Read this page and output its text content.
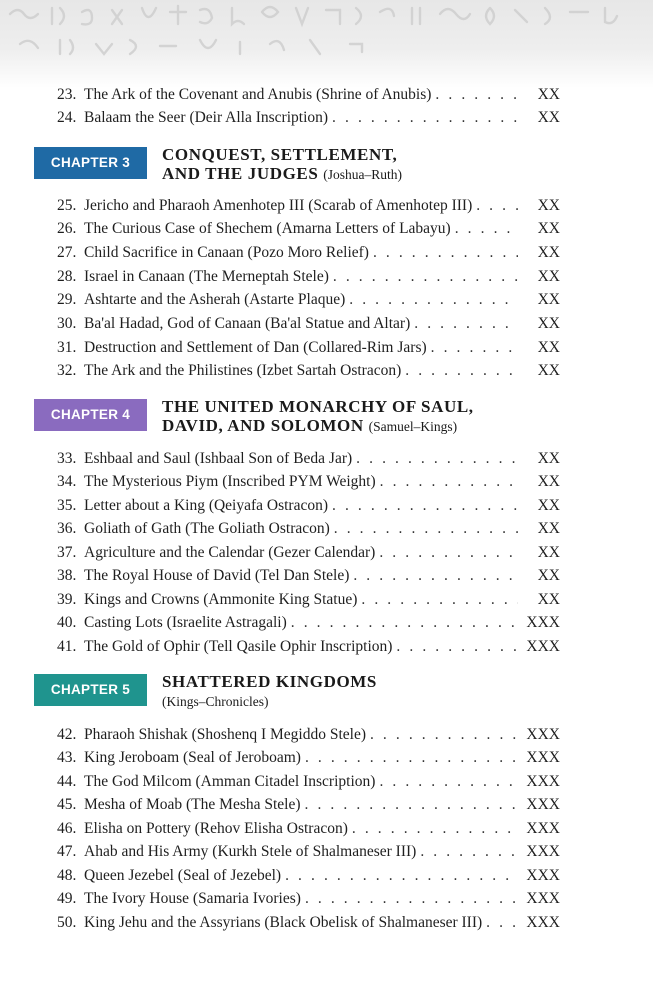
23. The Ark of the Covenant and Anubis (Shrine of Anubis) . . .	XX
24. Balaam the Seer (Deir Alla Inscription) . . .	XX
CHAPTER 3	CONQUEST, SETTLEMENT,
AND THE JUDGES (Joshua–Ruth)
25. Jericho and Pharaoh Amenhotep III (Scarab of Amenhotep III) . . .	XX
26. The Curious Case of Shechem (Amarna Letters of Labayu) . . .	XX
27. Child Sacrifice in Canaan (Pozo Moro Relief) . . .	XX
28. Israel in Canaan (The Merneptah Stele) . . .	XX
29. Ashtarte and the Asherah (Astarte Plaque) . . .	XX
30. Ba'al Hadad, God of Canaan (Ba'al Statue and Altar) . . .	XX
31. Destruction and Settlement of Dan (Collared-Rim Jars) . . .	XX
32. The Ark and the Philistines (Izbet Sartah Ostracon) . . .	XX
CHAPTER 4	THE UNITED MONARCHY OF SAUL,
DAVID, AND SOLOMON (Samuel–Kings)
33. Eshbaal and Saul (Ishbaal Son of Beda Jar) . . .	XX
34. The Mysterious Piym (Inscribed PYM Weight) . . .	XX
35. Letter about a King (Qeiyafa Ostracon) . . .	XX
36. Goliath of Gath (The Goliath Ostracon) . . .	XX
37. Agriculture and the Calendar (Gezer Calendar) . . .	XX
38. The Royal House of David (Tel Dan Stele) . . .	XX
39. Kings and Crowns (Ammonite King Statue) . . .	XX
40. Casting Lots (Israelite Astragali) . . .	XXX
41. The Gold of Ophir (Tell Qasile Ophir Inscription) . . .	XXX
CHAPTER 5	SHATTERED KINGDOMS
(Kings–Chronicles)
42. Pharaoh Shishak (Shoshenq I Megiddo Stele) . . .	XXX
43. King Jeroboam (Seal of Jeroboam) . . .	XXX
44. The God Milcom (Amman Citadel Inscription) . . .	XXX
45. Mesha of Moab (The Mesha Stele) . . .	XXX
46. Elisha on Pottery (Rehov Elisha Ostracon) . . .	XXX
47. Ahab and His Army (Kurkh Stele of Shalmaneser III) . . .	XXX
48. Queen Jezebel (Seal of Jezebel) . . .	XXX
49. The Ivory House (Samaria Ivories) . . .	XXX
50. King Jehu and the Assyrians (Black Obelisk of Shalmaneser III) . . .	XXX
